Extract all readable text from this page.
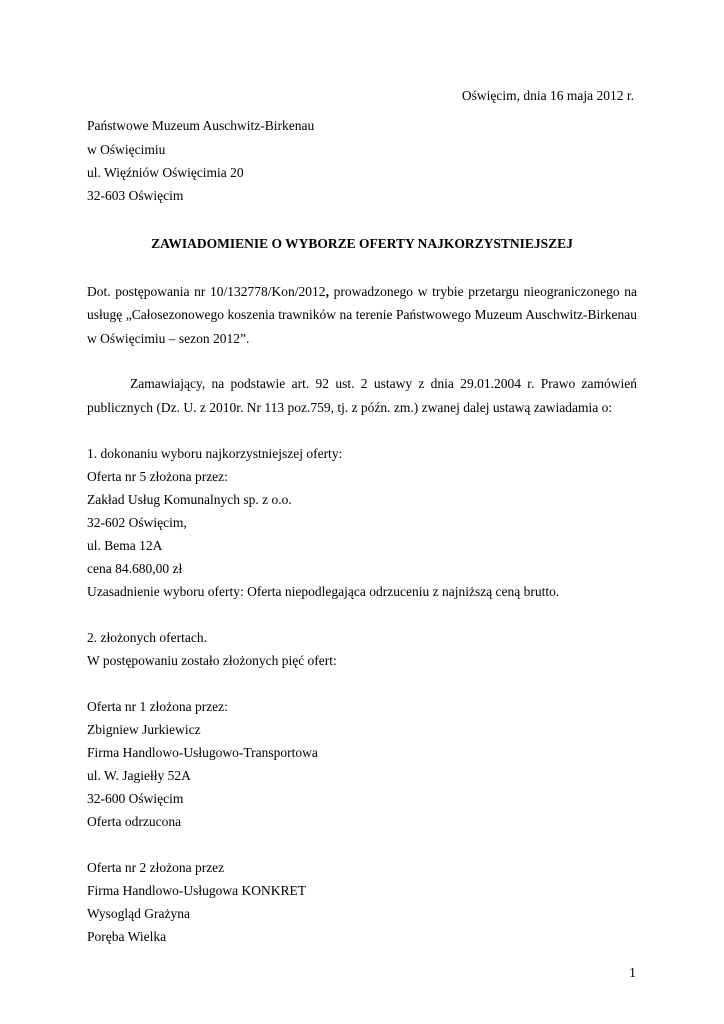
Oświęcim, dnia 16 maja 2012 r.
Państwowe Muzeum Auschwitz-Birkenau
w Oświęcimiu
ul. Więźniów Oświęcimia 20
32-603 Oświęcim
ZAWIADOMIENIE O WYBORZE OFERTY NAJKORZYSTNIEJSZEJ
Dot. postępowania nr 10/132778/Kon/2012, prowadzonego w trybie przetargu nieograniczonego na
usługę „Całosezonowego koszenia trawników na terenie Państwowego Muzeum Auschwitz-Birkenau
w Oświęcimiu – sezon 2012”.
Zamawiający, na podstawie art. 92 ust. 2 ustawy z dnia 29.01.2004 r. Prawo zamówień
publicznych (Dz. U. z 2010r. Nr 113 poz.759, tj. z późn. zm.) zwanej dalej ustawą zawiadamia o:
1. dokonaniu wyboru najkorzystniejszej oferty:
Oferta nr 5 złożona przez:
Zakład Usług Komunalnych sp. z o.o.
32-602 Oświęcim,
ul. Bema 12A
cena 84.680,00 zł
Uzasadnienie wyboru oferty: Oferta niepodlegająca odrzuceniu z najniższą ceną brutto.
2. złożonych ofertach.
W postępowaniu zostało złożonych pięć ofert:
Oferta nr 1 złożona przez:
Zbigniew Jurkiewicz
Firma Handlowo-Usługowo-Transportowa
ul. W. Jagiełły 52A
32-600 Oświęcim
Oferta odrzucona
Oferta nr 2 złożona przez
Firma Handlowo-Usługowa KONKRET
Wysogląd Grażyna
Poręba Wielka
1
